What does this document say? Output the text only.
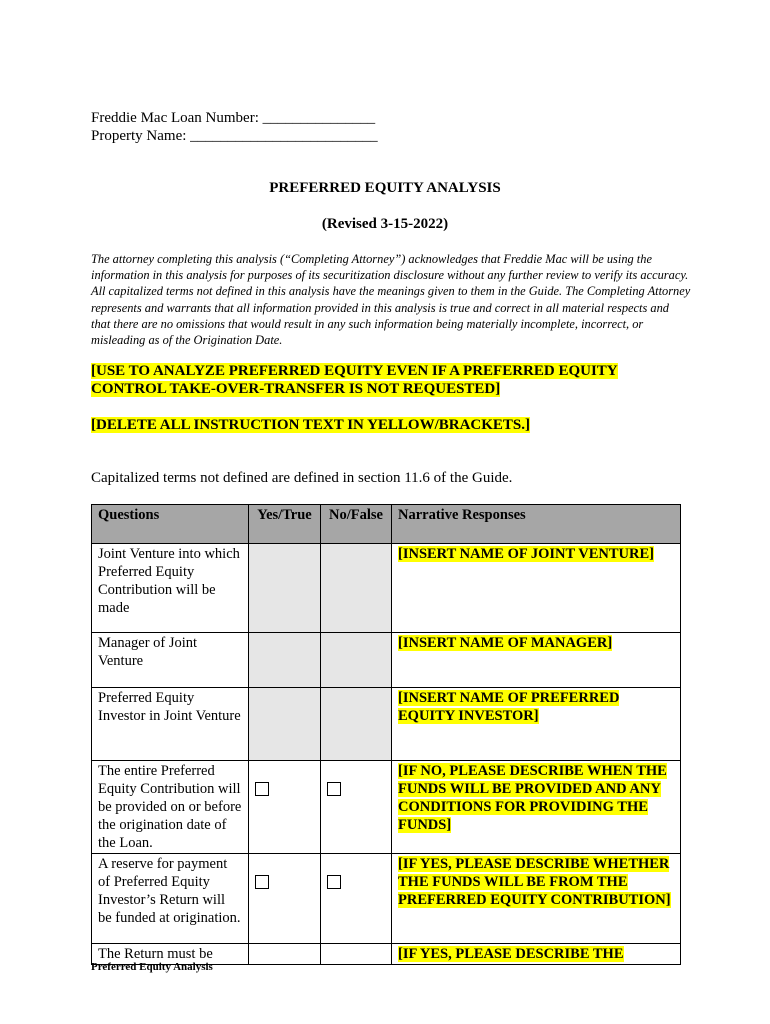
Freddie Mac Loan Number: _______________
Property Name: _________________________
PREFERRED EQUITY ANALYSIS
(Revised 3-15-2022)
The attorney completing this analysis (“Completing Attorney”) acknowledges that Freddie Mac will be using the information in this analysis for purposes of its securitization disclosure without any further review to verify its accuracy. All capitalized terms not defined in this analysis have the meanings given to them in the Guide. The Completing Attorney represents and warrants that all information provided in this analysis is true and correct in all material respects and that there are no omissions that would result in any such information being materially incomplete, incorrect, or misleading as of the Origination Date.
[USE TO ANALYZE PREFERRED EQUITY EVEN IF A PREFERRED EQUITY CONTROL TAKE-OVER-TRANSFER IS NOT REQUESTED]
[DELETE ALL INSTRUCTION TEXT IN YELLOW/BRACKETS.]
Capitalized terms not defined are defined in section 11.6 of the Guide.
Questions	Yes/True	No/False	Narrative Responses
Joint Venture into which Preferred Equity Contribution will be made			[INSERT NAME OF JOINT VENTURE]
Manager of Joint Venture			[INSERT NAME OF MANAGER]
Preferred Equity Investor in Joint Venture			[INSERT NAME OF PREFERRED EQUITY INVESTOR]
The entire Preferred Equity Contribution will be provided on or before the origination date of the Loan.			[IF NO, PLEASE DESCRIBE WHEN THE FUNDS WILL BE PROVIDED AND ANY CONDITIONS FOR PROVIDING THE FUNDS]
A reserve for payment of Preferred Equity Investor’s Return will be funded at origination.			[IF YES, PLEASE DESCRIBE WHETHER THE FUNDS WILL BE FROM THE PREFERRED EQUITY CONTRIBUTION]
The Return must be			[IF YES, PLEASE DESCRIBE THE
Preferred Equity Analysis
